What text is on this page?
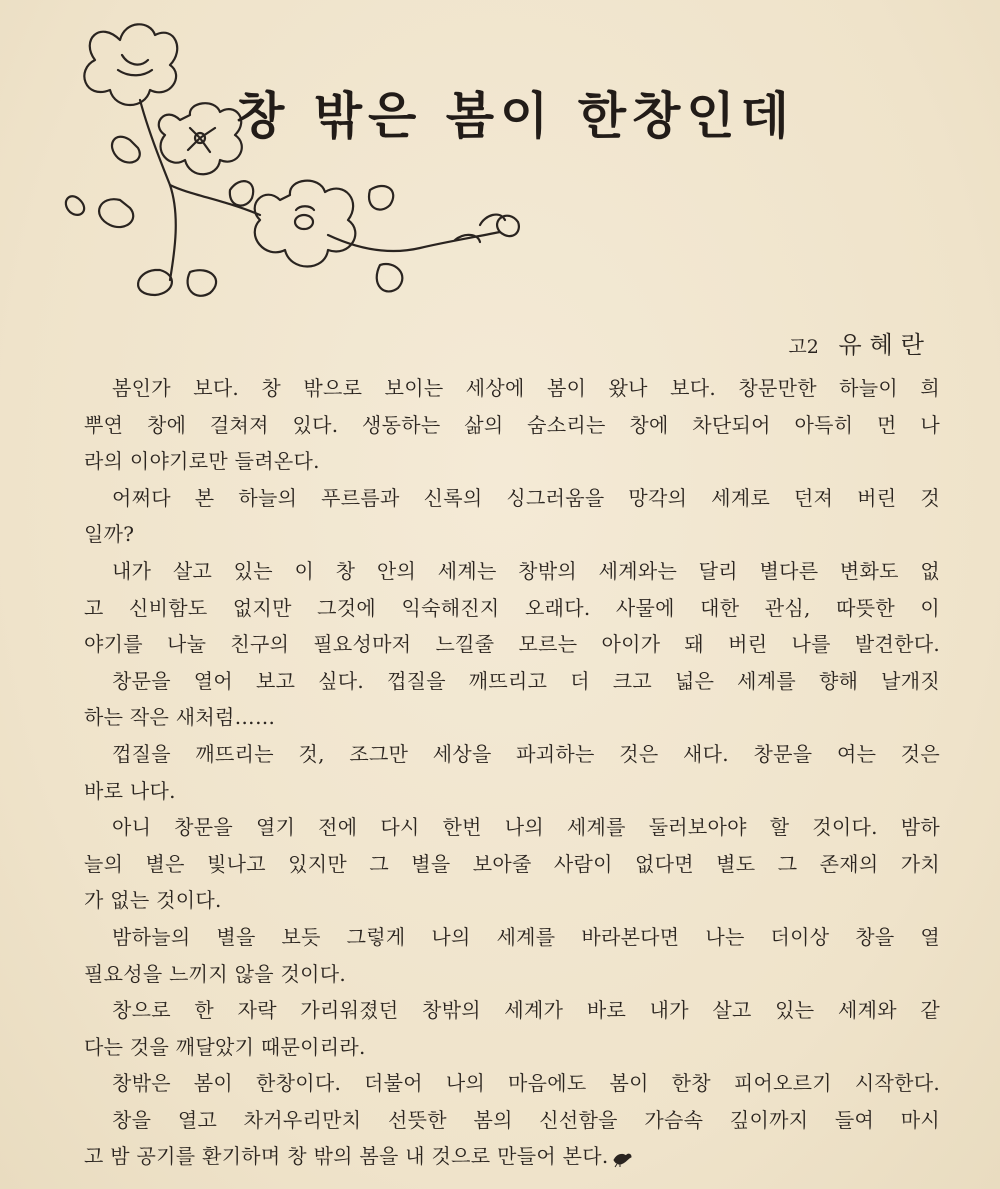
창 밖은 봄이 한창인데
고2 유혜란
봄인가 보다. 창 밖으로 보이는 세상에 봄이 왔나 보다. 창문만한 하늘이 희
뿌연 창에 걸쳐져 있다. 생동하는 삶의 숨소리는 창에 차단되어 아득히 먼 나
라의 이야기로만 들려온다.
어쩌다 본 하늘의 푸르름과 신록의 싱그러움을 망각의 세계로 던져 버린 것
일까?
내가 살고 있는 이 창 안의 세계는 창밖의 세계와는 달리 별다른 변화도 없
고 신비함도 없지만 그것에 익숙해진지 오래다. 사물에 대한 관심, 따뜻한 이
야기를 나눌 친구의 필요성마저 느낄줄 모르는 아이가 돼 버린 나를 발견한다.
창문을 열어 보고 싶다. 껍질을 깨뜨리고 더 크고 넓은 세계를 향해 날개짓
하는 작은 새처럼……
껍질을 깨뜨리는 것, 조그만 세상을 파괴하는 것은 새다. 창문을 여는 것은
바로 나다.
아니 창문을 열기 전에 다시 한번 나의 세계를 둘러보아야 할 것이다. 밤하
늘의 별은 빛나고 있지만 그 별을 보아줄 사람이 없다면 별도 그 존재의 가치
가 없는 것이다.
밤하늘의 별을 보듯 그렇게 나의 세계를 바라본다면 나는 더이상 창을 열
필요성을 느끼지 않을 것이다.
창으로 한 자락 가리워졌던 창밖의 세계가 바로 내가 살고 있는 세계와 같
다는 것을 깨달았기 때문이리라.
창밖은 봄이 한창이다. 더불어 나의 마음에도 봄이 한창 피어오르기 시작한다.
창을 열고 차거우리만치 선뜻한 봄의 신선함을 가슴속 깊이까지 들여 마시
고 밤 공기를 환기하며 창 밖의 봄을 내 것으로 만들어 본다.
